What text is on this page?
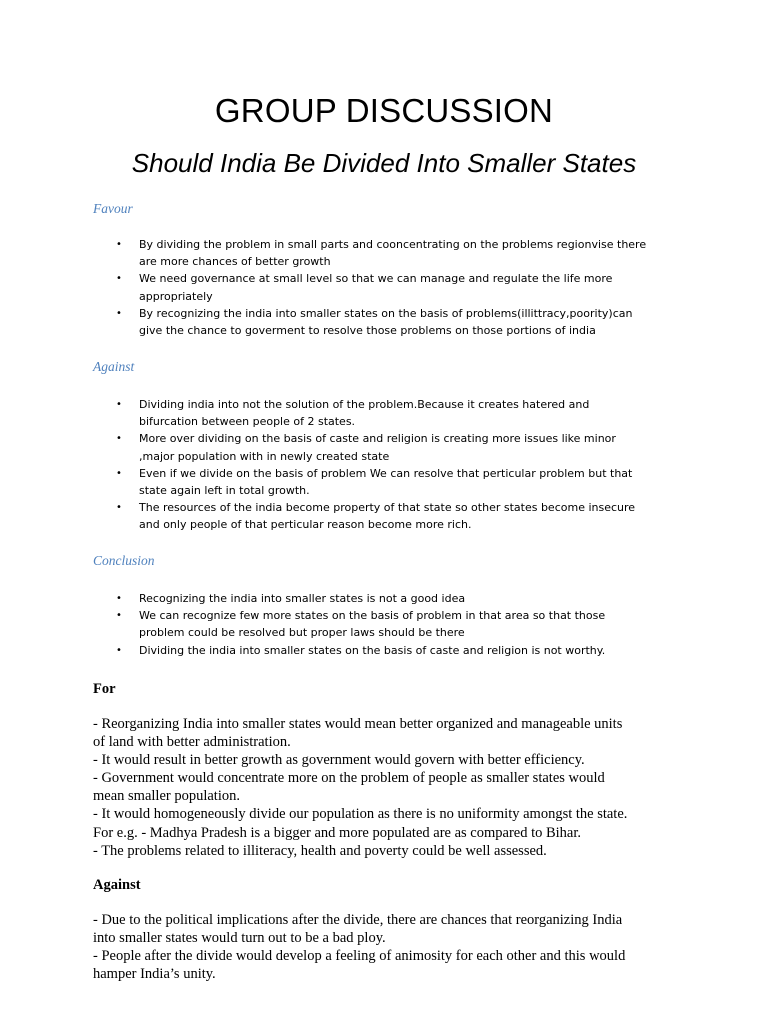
GROUP DISCUSSION
Should India Be Divided Into Smaller States
Favour
• By dividing the problem in small parts and cooncentrating on the problems regionvise there
are more chances of better growth
• We need governance at small level so that we can manage and regulate the life more
appropriately
• By recognizing the india into smaller states on the basis of problems(illittracy,poority)can
give the chance to goverment to resolve those problems on those portions of india
Against
• Dividing india into not the solution of the problem.Because it creates hatered and
bifurcation between people of 2 states.
• More over dividing on the basis of caste and religion is creating more issues like minor
,major population with in newly created state
• Even if we divide on the basis of problem We can resolve that perticular problem but that
state again left in total growth.
• The resources of the india become property of that state so other states become insecure
and only people of that perticular reason become more rich.
Conclusion
• Recognizing the india into smaller states is not a good idea
• We can recognize few more states on the basis of problem in that area so that those
problem could be resolved but proper laws should be there
• Dividing the india into smaller states on the basis of caste and religion is not worthy.
For
- Reorganizing India into smaller states would mean better organized and manageable units
of land with better administration.
- It would result in better growth as government would govern with better efficiency.
- Government would concentrate more on the problem of people as smaller states would
mean smaller population.
- It would homogeneously divide our population as there is no uniformity amongst the state.
For e.g. - Madhya Pradesh is a bigger and more populated are as compared to Bihar.
- The problems related to illiteracy, health and poverty could be well assessed.
Against
- Due to the political implications after the divide, there are chances that reorganizing India
into smaller states would turn out to be a bad ploy.
- People after the divide would develop a feeling of animosity for each other and this would
hamper India’s unity.
